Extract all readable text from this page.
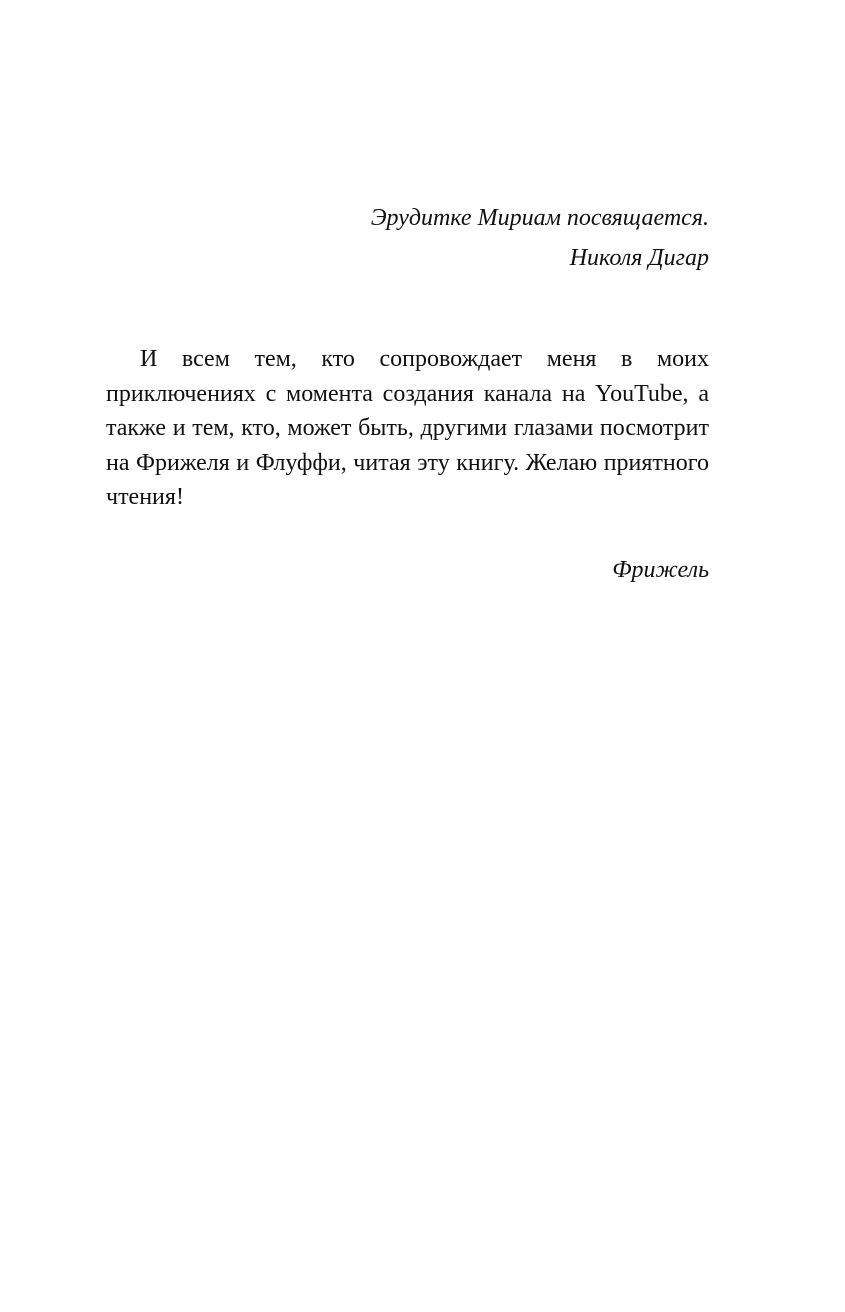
Эрудитке Мириам посвящается.
Николя Дигар

И всем тем, кто сопровождает меня в моих приключениях с момента создания канала на YouTube, а также и тем, кто, может быть, другими глазами посмотрит на Фрижеля и Флуффи, читая эту книгу. Желаю приятного чтения!

Фрижель
